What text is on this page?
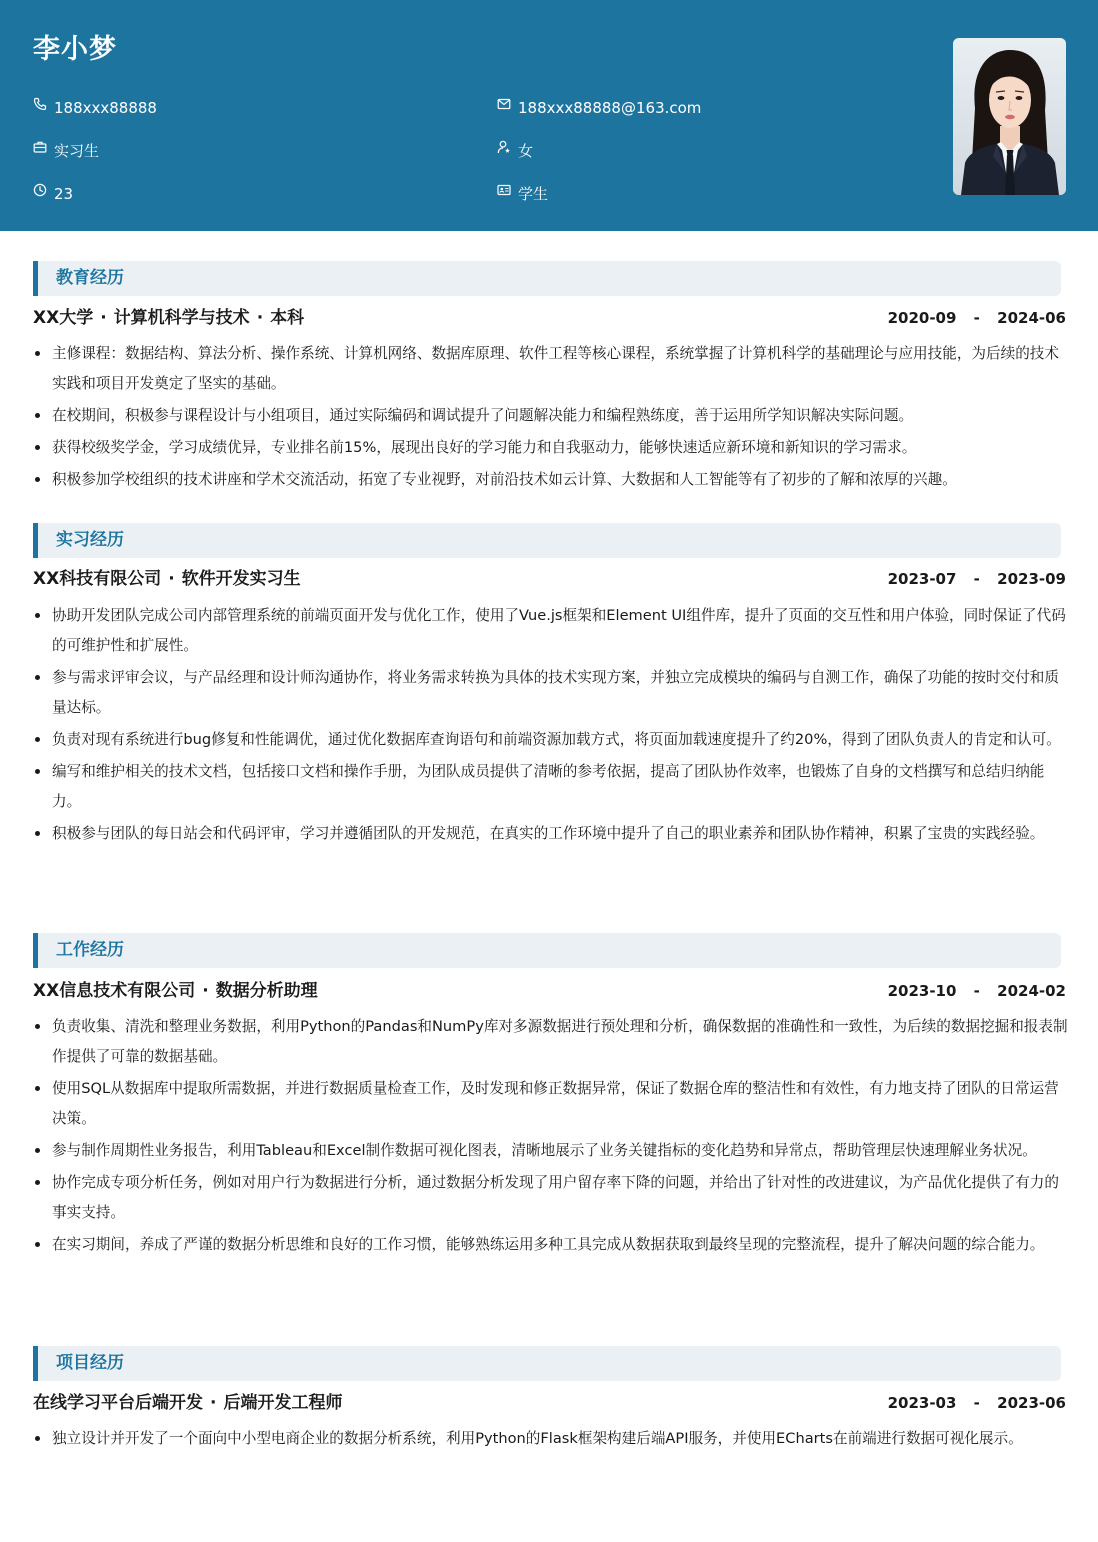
李小梦
188xxx88888	188xxx88888@163.com
实习生	女
23	学生
教育经历
XX大学 · 计算机科学与技术 · 本科	2020-09 - 2024-06
主修课程：数据结构、算法分析、操作系统、计算机网络、数据库原理、软件工程等核心课程，系统掌握了计算机科学的基础理论与应用技能，为后续的技术实践和项目开发奠定了坚实的基础。
在校期间，积极参与课程设计与小组项目，通过实际编码和调试提升了问题解决能力和编程熟练度，善于运用所学知识解决实际问题。
获得校级奖学金，学习成绩优异，专业排名前15%，展现出良好的学习能力和自我驱动力，能够快速适应新环境和新知识的学习需求。
积极参加学校组织的技术讲座和学术交流活动，拓宽了专业视野，对前沿技术如云计算、大数据和人工智能等有了初步的了解和浓厚的兴趣。
实习经历
XX科技有限公司 · 软件开发实习生	2023-07 - 2023-09
协助开发团队完成公司内部管理系统的前端页面开发与优化工作，使用了Vue.js框架和Element UI组件库，提升了页面的交互性和用户体验，同时保证了代码的可维护性和扩展性。
参与需求评审会议，与产品经理和设计师沟通协作，将业务需求转换为具体的技术实现方案，并独立完成模块的编码与自测工作，确保了功能的按时交付和质量达标。
负责对现有系统进行bug修复和性能调优，通过优化数据库查询语句和前端资源加载方式，将页面加载速度提升了约20%，得到了团队负责人的肯定和认可。
编写和维护相关的技术文档，包括接口文档和操作手册，为团队成员提供了清晰的参考依据，提高了团队协作效率，也锻炼了自身的文档撰写和总结归纳能力。
积极参与团队的每日站会和代码评审，学习并遵循团队的开发规范，在真实的工作环境中提升了自己的职业素养和团队协作精神，积累了宝贵的实践经验。
工作经历
XX信息技术有限公司 · 数据分析助理	2023-10 - 2024-02
负责收集、清洗和整理业务数据，利用Python的Pandas和NumPy库对多源数据进行预处理和分析，确保数据的准确性和一致性，为后续的数据挖掘和报表制作提供了可靠的数据基础。
使用SQL从数据库中提取所需数据，并进行数据质量检查工作，及时发现和修正数据异常，保证了数据仓库的整洁性和有效性，有力地支持了团队的日常运营决策。
参与制作周期性业务报告，利用Tableau和Excel制作数据可视化图表，清晰地展示了业务关键指标的变化趋势和异常点，帮助管理层快速理解业务状况。
协作完成专项分析任务，例如对用户行为数据进行分析，通过数据分析发现了用户留存率下降的问题，并给出了针对性的改进建议，为产品优化提供了有力的事实支持。
在实习期间，养成了严谨的数据分析思维和良好的工作习惯，能够熟练运用多种工具完成从数据获取到最终呈现的完整流程，提升了解决问题的综合能力。
项目经历
在线学习平台后端开发 · 后端开发工程师	2023-03 - 2023-06
独立设计并开发了一个面向中小型电商企业的数据分析系统，利用Python的Flask框架构建后端API服务，并使用ECharts在前端进行数据可视化展示。
